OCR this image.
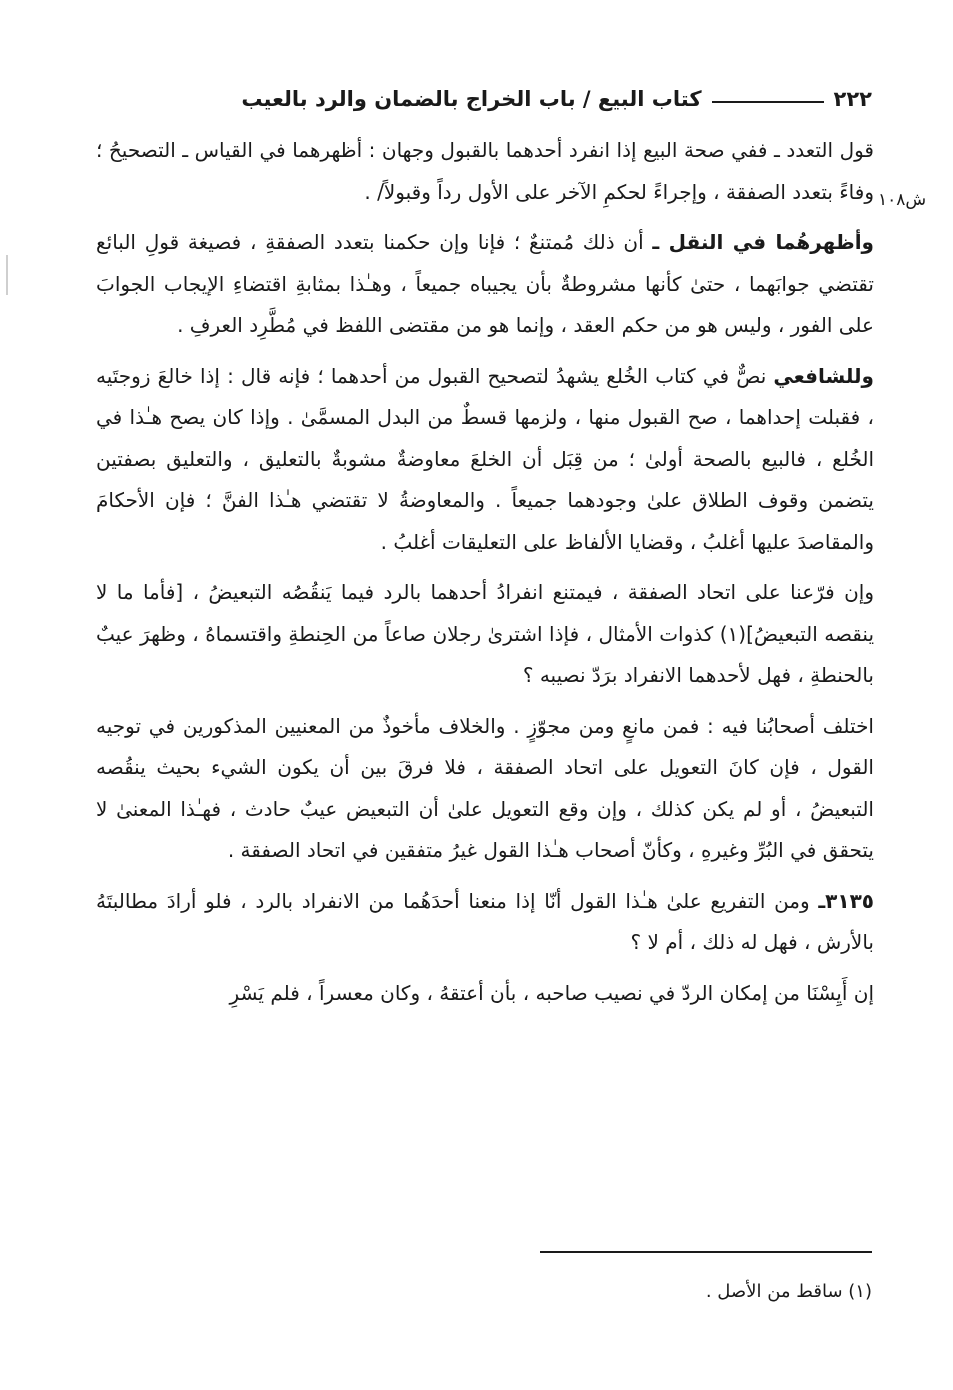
٢٢٢
كتاب البيع / باب الخراج بالضمان والرد بالعيب
ش١٠٨

قول التعدد ـ ففي صحة البيع إذا انفرد أحدهما بالقبول وجهان : أظهرهما في القياس ـ التصحيحُ ؛ وفاءً بتعدد الصفقة ، وإجراءً لحكمِ الآخر على الأول رداً وقبولاً/ .

وأظهرهُما في النقل ـ أن ذلك مُمتنعٌ ؛ فإنا وإن حكمنا بتعدد الصفقةِ ، فصيغة قولِ البائع تقتضي جوابَهما ، حتىٰ كأنها مشروطةٌ بأن يجيباه جميعاً ، وهـٰذا بمثابةِ اقتضاءِ الإيجاب الجوابَ على الفور ، وليس هو من حكم العقد ، وإنما هو من مقتضى اللفظ في مُطَّرِد العرفِ .

وللشافعي نصٌّ في كتاب الخُلع يشهدُ لتصحيح القبول من أحدهما ؛ فإنه قال : إذا خالعَ زوجتَيه ، فقبلت إحداهما ، صح القبول منها ، ولزمها قسطٌ من البدل المسمَّىٰ . وإذا كان يصح هـٰذا في الخُلع ، فالبيع بالصحة أولىٰ ؛ من قِبَل أن الخلعَ معاوضةٌ مشوبةٌ بالتعليق ، والتعليق بصفتين يتضمن وقوف الطلاق علىٰ وجودهما جميعاً . والمعاوضةُ لا تقتضي هـٰذا الفنَّ ؛ فإن الأحكامَ والمقاصدَ عليها أغلبُ ، وقضايا الألفاظ على التعليقات أغلبُ .

وإن فرّعنا على اتحاد الصفقة ، فيمتنع انفرادُ أحدهما بالرد فيما يَنقُصُه التبعيضُ ، [فأما ما لا ينقصه التبعيضُ](١) كذوات الأمثال ، فإذا اشترىٰ رجلان صاعاً من الحِنطةِ واقتسماهُ ، وظهرَ عيبٌ بالحنطةِ ، فهل لأحدهما الانفراد برَدّ نصيبه ؟

اختلف أصحابُنا فيه : فمن مانعٍ ومن مجوّزٍ . والخلاف مأخوذٌ من المعنيين المذكورين في توجيه القول ، فإن كانَ التعويل على اتحاد الصفقة ، فلا فرقَ بين أن يكون الشيء بحيث ينقُصه التبعيضُ ، أو لم يكن كذلك ، وإن وقع التعويل علىٰ أن التبعيض عيبٌ حادث ، فهـٰذا المعنىٰ لا يتحقق في البُرِّ وغيرهِ ، وكأنّ أصحاب هـٰذا القول غيرُ متفقين في اتحاد الصفقة .

٣١٣٥ـ ومن التفريع علىٰ هـٰذا القول أنّا إذا منعنا أحدَهُما من الانفراد بالرد ، فلو أرادَ مطالبتَهُ بالأرش ، فهل له ذلك ، أم لا ؟

إن أَيِسْنَا من إمكان الردّ في نصيب صاحبه ، بأن أعتقهُ ، وكان معسراً ، فلم يَسْرِ

(١) ساقط من الأصل .
